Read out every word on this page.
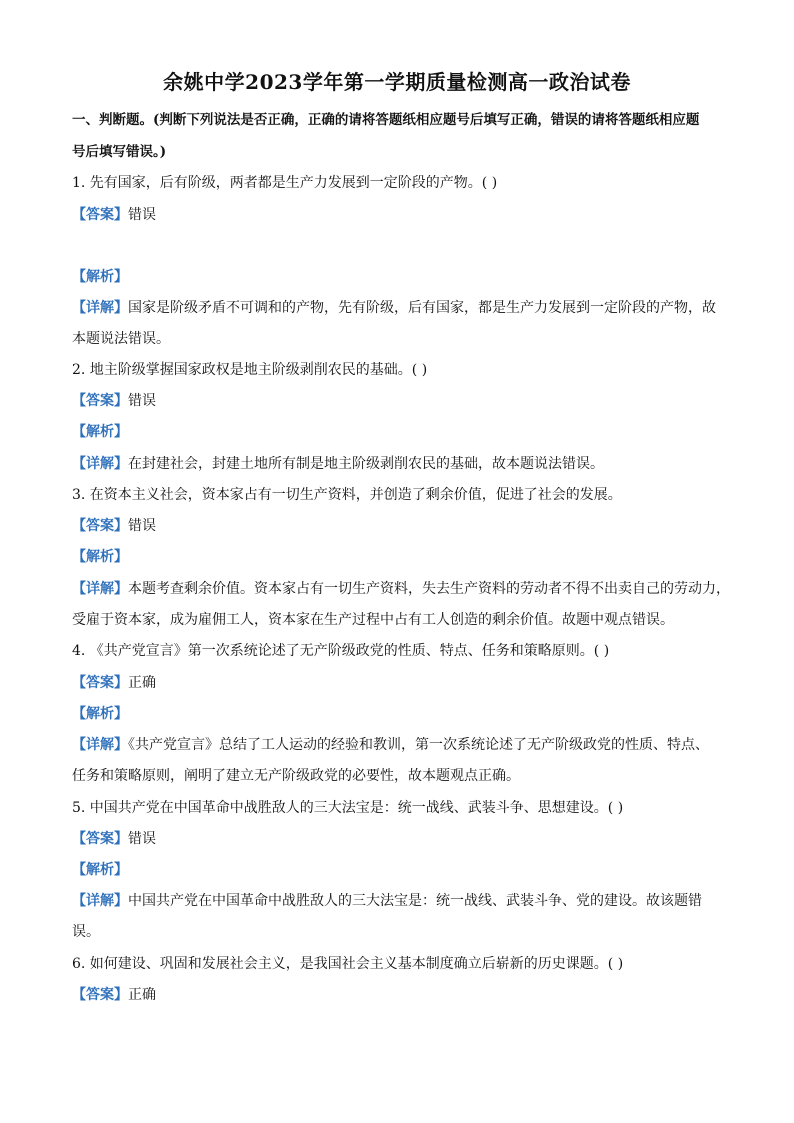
余姚中学2023学年第一学期质量检测高一政治试卷
一、判断题。(判断下列说法是否正确，正确的请将答题纸相应题号后填写正确，错误的请将答题纸相应题
号后填写错误。)
1. 先有国家，后有阶级，两者都是生产力发展到一定阶段的产物。( )
【答案】错误
【解析】
【详解】国家是阶级矛盾不可调和的产物，先有阶级，后有国家，都是生产力发展到一定阶段的产物，故
本题说法错误。
2. 地主阶级掌握国家政权是地主阶级剥削农民的基础。( )
【答案】错误
【解析】
【详解】在封建社会，封建土地所有制是地主阶级剥削农民的基础，故本题说法错误。
3. 在资本主义社会，资本家占有一切生产资料，并创造了剩余价值，促进了社会的发展。
【答案】错误
【解析】
【详解】本题考查剩余价值。资本家占有一切生产资料，失去生产资料的劳动者不得不出卖自己的劳动力，
受雇于资本家，成为雇佣工人，资本家在生产过程中占有工人创造的剩余价值。故题中观点错误。
4. 《共产党宣言》第一次系统论述了无产阶级政党的性质、特点、任务和策略原则。( )
【答案】正确
【解析】
【详解】《共产党宣言》总结了工人运动的经验和教训，第一次系统论述了无产阶级政党的性质、特点、
任务和策略原则，阐明了建立无产阶级政党的必要性，故本题观点正确。
5. 中国共产党在中国革命中战胜敌人的三大法宝是：统一战线、武装斗争、思想建设。( )
【答案】错误
【解析】
【详解】中国共产党在中国革命中战胜敌人的三大法宝是：统一战线、武装斗争、党的建设。故该题错
误。
6. 如何建设、巩固和发展社会主义，是我国社会主义基本制度确立后崭新的历史课题。( )
【答案】正确
